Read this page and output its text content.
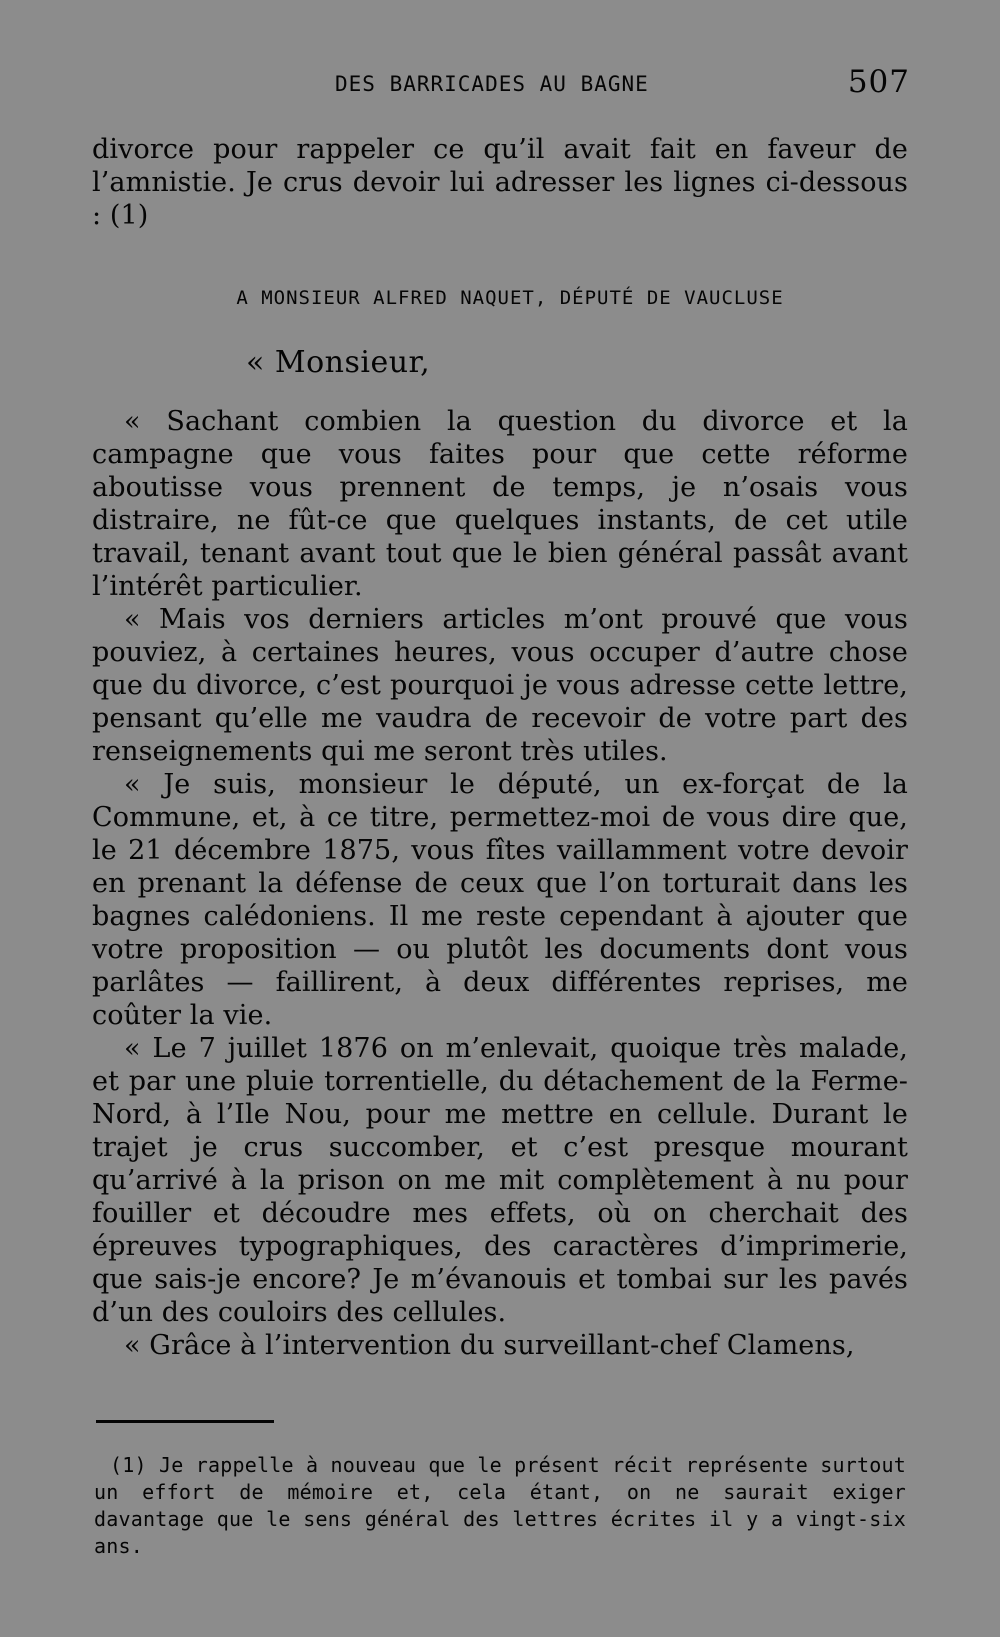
DES BARRICADES AU BAGNE	507
divorce pour rappeler ce qu’il avait fait en faveur de l’amnistie. Je crus devoir lui adresser les lignes ci-dessous : (1)
A MONSIEUR ALFRED NAQUET, DÉPUTÉ DE VAUCLUSE
« Monsieur,

« Sachant combien la question du divorce et la campagne que vous faites pour que cette réforme aboutisse vous prennent de temps, je n’osais vous distraire, ne fût-ce que quelques instants, de cet utile travail, tenant avant tout que le bien général passât avant l’intérêt particulier.

« Mais vos derniers articles m’ont prouvé que vous pouviez, à certaines heures, vous occuper d’autre chose que du divorce, c’est pourquoi je vous adresse cette lettre, pensant qu’elle me vaudra de recevoir de votre part des renseignements qui me seront très utiles.

« Je suis, monsieur le député, un ex-forçat de la Commune, et, à ce titre, permettez-moi de vous dire que, le 21 décembre 1875, vous fîtes vaillamment votre devoir en prenant la défense de ceux que l’on torturait dans les bagnes calédoniens. Il me reste cependant à ajouter que votre proposition — ou plutôt les documents dont vous parlâtes — faillirent, à deux différentes reprises, me coûter la vie.

« Le 7 juillet 1876 on m’enlevait, quoique très malade, et par une pluie torrentielle, du détachement de la Ferme-Nord, à l’Ile Nou, pour me mettre en cellule. Durant le trajet je crus succomber, et c’est presque mourant qu’arrivé à la prison on me mit complètement à nu pour fouiller et découdre mes effets, où on cherchait des épreuves typographiques, des caractères d’imprimerie, que sais-je encore? Je m’évanouis et tombai sur les pavés d’un des couloirs des cellules.

« Grâce à l’intervention du surveillant-chef Clamens,

(1) Je rappelle à nouveau que le présent récit représente surtout un effort de mémoire et, cela étant, on ne saurait exiger davantage que le sens général des lettres écrites il y a vingt-six ans.
